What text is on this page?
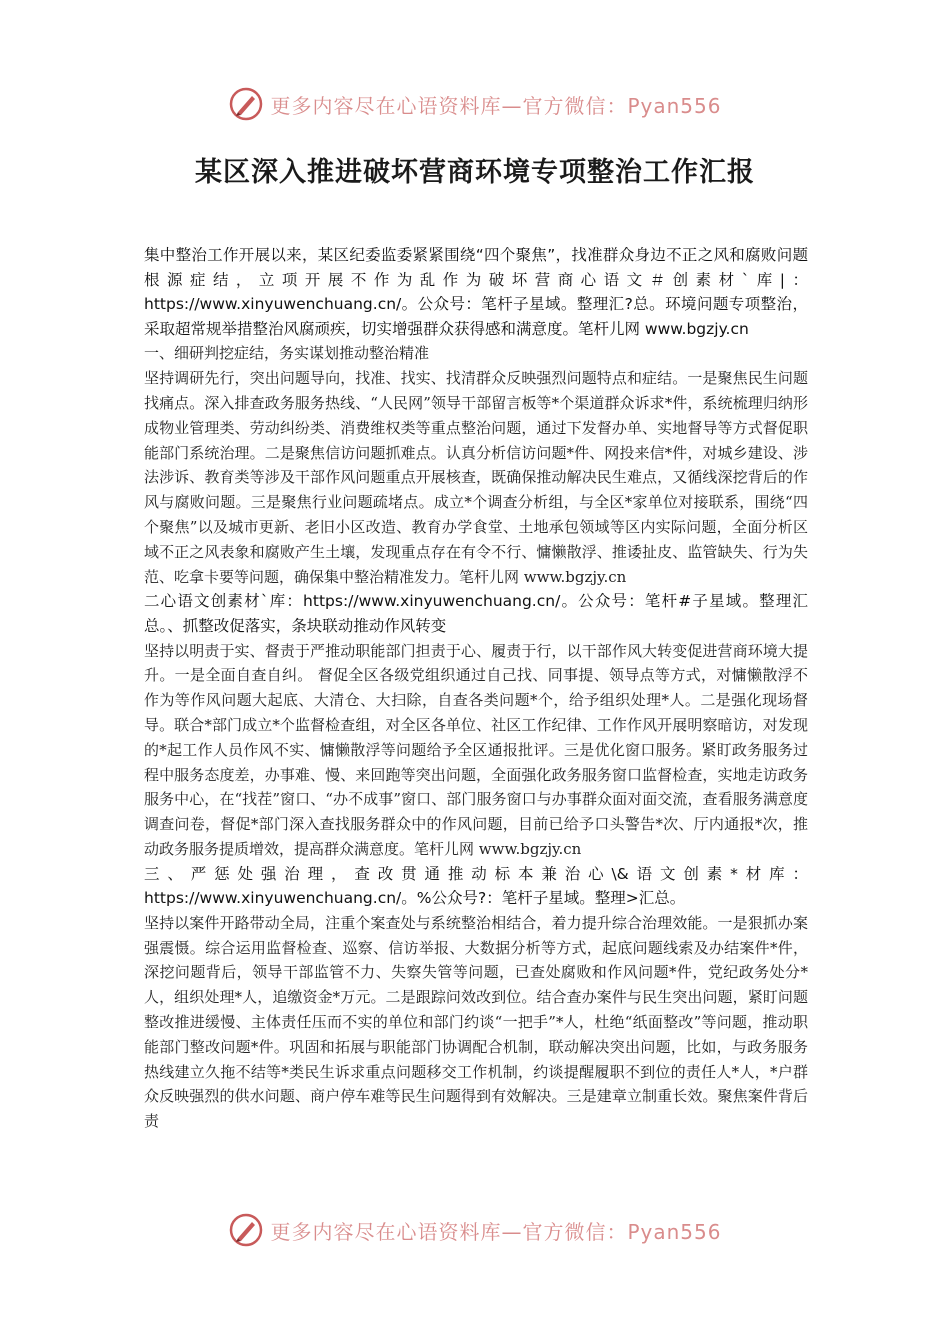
更多内容尽在心语资料库—官方微信：Pyan556
某区深入推进破坏营商环境专项整治工作汇报

集中整治工作开展以来，某区纪委监委紧紧围绕“四个聚焦”，找准群众身边不正之风和腐败问题根源症结，立项开展不作为乱作为破坏营商心语文＃创素材`库|：https://www.xinyuwenchuang.cn/。公众号：笔杆子星域。整理汇?总。环境问题专项整治，采取超常规举措整治风腐顽疾，切实增强群众获得感和满意度。笔杆儿网 www.bgzjy.cn

一、细研判挖症结，务实谋划推动整治精准

坚持调研先行，突出问题导向，找准、找实、找清群众反映强烈问题特点和症结。一是聚焦民生问题找痛点。深入排查政务服务热线、“人民网”领导干部留言板等*个渠道群众诉求*件，系统梳理归纳形成物业管理类、劳动纠纷类、消费维权类等重点整治问题，通过下发督办单、实地督导等方式督促职能部门系统治理。二是聚焦信访问题抓难点。认真分析信访问题*件、网投来信*件，对城乡建设、涉法涉诉、教育类等涉及干部作风问题重点开展核查，既确保推动解决民生难点，又循线深挖背后的作风与腐败问题。三是聚焦行业问题疏堵点。成立*个调查分析组，与全区*家单位对接联系，围绕“四个聚焦”以及城市更新、老旧小区改造、教育办学食堂、土地承包领域等区内实际问题，全面分析区域不正之风表象和腐败产生土壤，发现重点存在有令不行、慵懒散浮、推诿扯皮、监管缺失、行为失范、吃拿卡要等问题，确保集中整治精准发力。笔杆儿网 www.bgzjy.cn

二心语文创素材`库：https://www.xinyuwenchuang.cn/。公众号：笔杆#子星域。整理汇总。、抓整改促落实，条块联动推动作风转变

坚持以明责于实、督责于严推动职能部门担责于心、履责于行，以干部作风大转变促进营商环境大提升。一是全面自查自纠。 督促全区各级党组织通过自己找、同事提、领导点等方式，对慵懒散浮不作为等作风问题大起底、大清仓、大扫除，自查各类问题*个，给予组织处理*人。二是强化现场督导。联合*部门成立*个监督检查组，对全区各单位、社区工作纪律、工作作风开展明察暗访，对发现的*起工作人员作风不实、慵懒散浮等问题给予全区通报批评。三是优化窗口服务。紧盯政务服务过程中服务态度差，办事难、慢、来回跑等突出问题，全面强化政务服务窗口监督检查，实地走访政务服务中心，在“找茬”窗口、“办不成事”窗口、部门服务窗口与办事群众面对面交流，查看服务满意度调查问卷，督促*部门深入查找服务群众中的作风问题，目前已给予口头警告*次、厅内通报*次，推动政务服务提质增效，提高群众满意度。笔杆儿网 www.bgzjy.cn

三、严惩处强治理，查改贯通推动标本兼治心\&语文创素*材库：https://www.xinyuwenchuang.cn/。%公众号?：笔杆子星域。整理>汇总。

坚持以案件开路带动全局，注重个案查处与系统整治相结合，着力提升综合治理效能。一是狠抓办案强震慑。综合运用监督检查、巡察、信访举报、大数据分析等方式，起底问题线索及办结案件*件，深挖问题背后，领导干部监管不力、失察失管等问题，已查处腐败和作风问题*件，党纪政务处分*人，组织处理*人，追缴资金*万元。二是跟踪问效改到位。结合查办案件与民生突出问题，紧盯问题整改推进缓慢、主体责任压而不实的单位和部门约谈“一把手”*人，杜绝“纸面整改”等问题，推动职能部门整改问题*件。巩固和拓展与职能部门协调配合机制，联动解决突出问题，比如，与政务服务热线建立久拖不结等*类民生诉求重点问题移交工作机制，约谈提醒履职不到位的责任人*人，*户群众反映强烈的供水问题、商户停车难等民生问题得到有效解决。三是建章立制重长效。聚焦案件背后责

更多内容尽在心语资料库—官方微信：Pyan556
